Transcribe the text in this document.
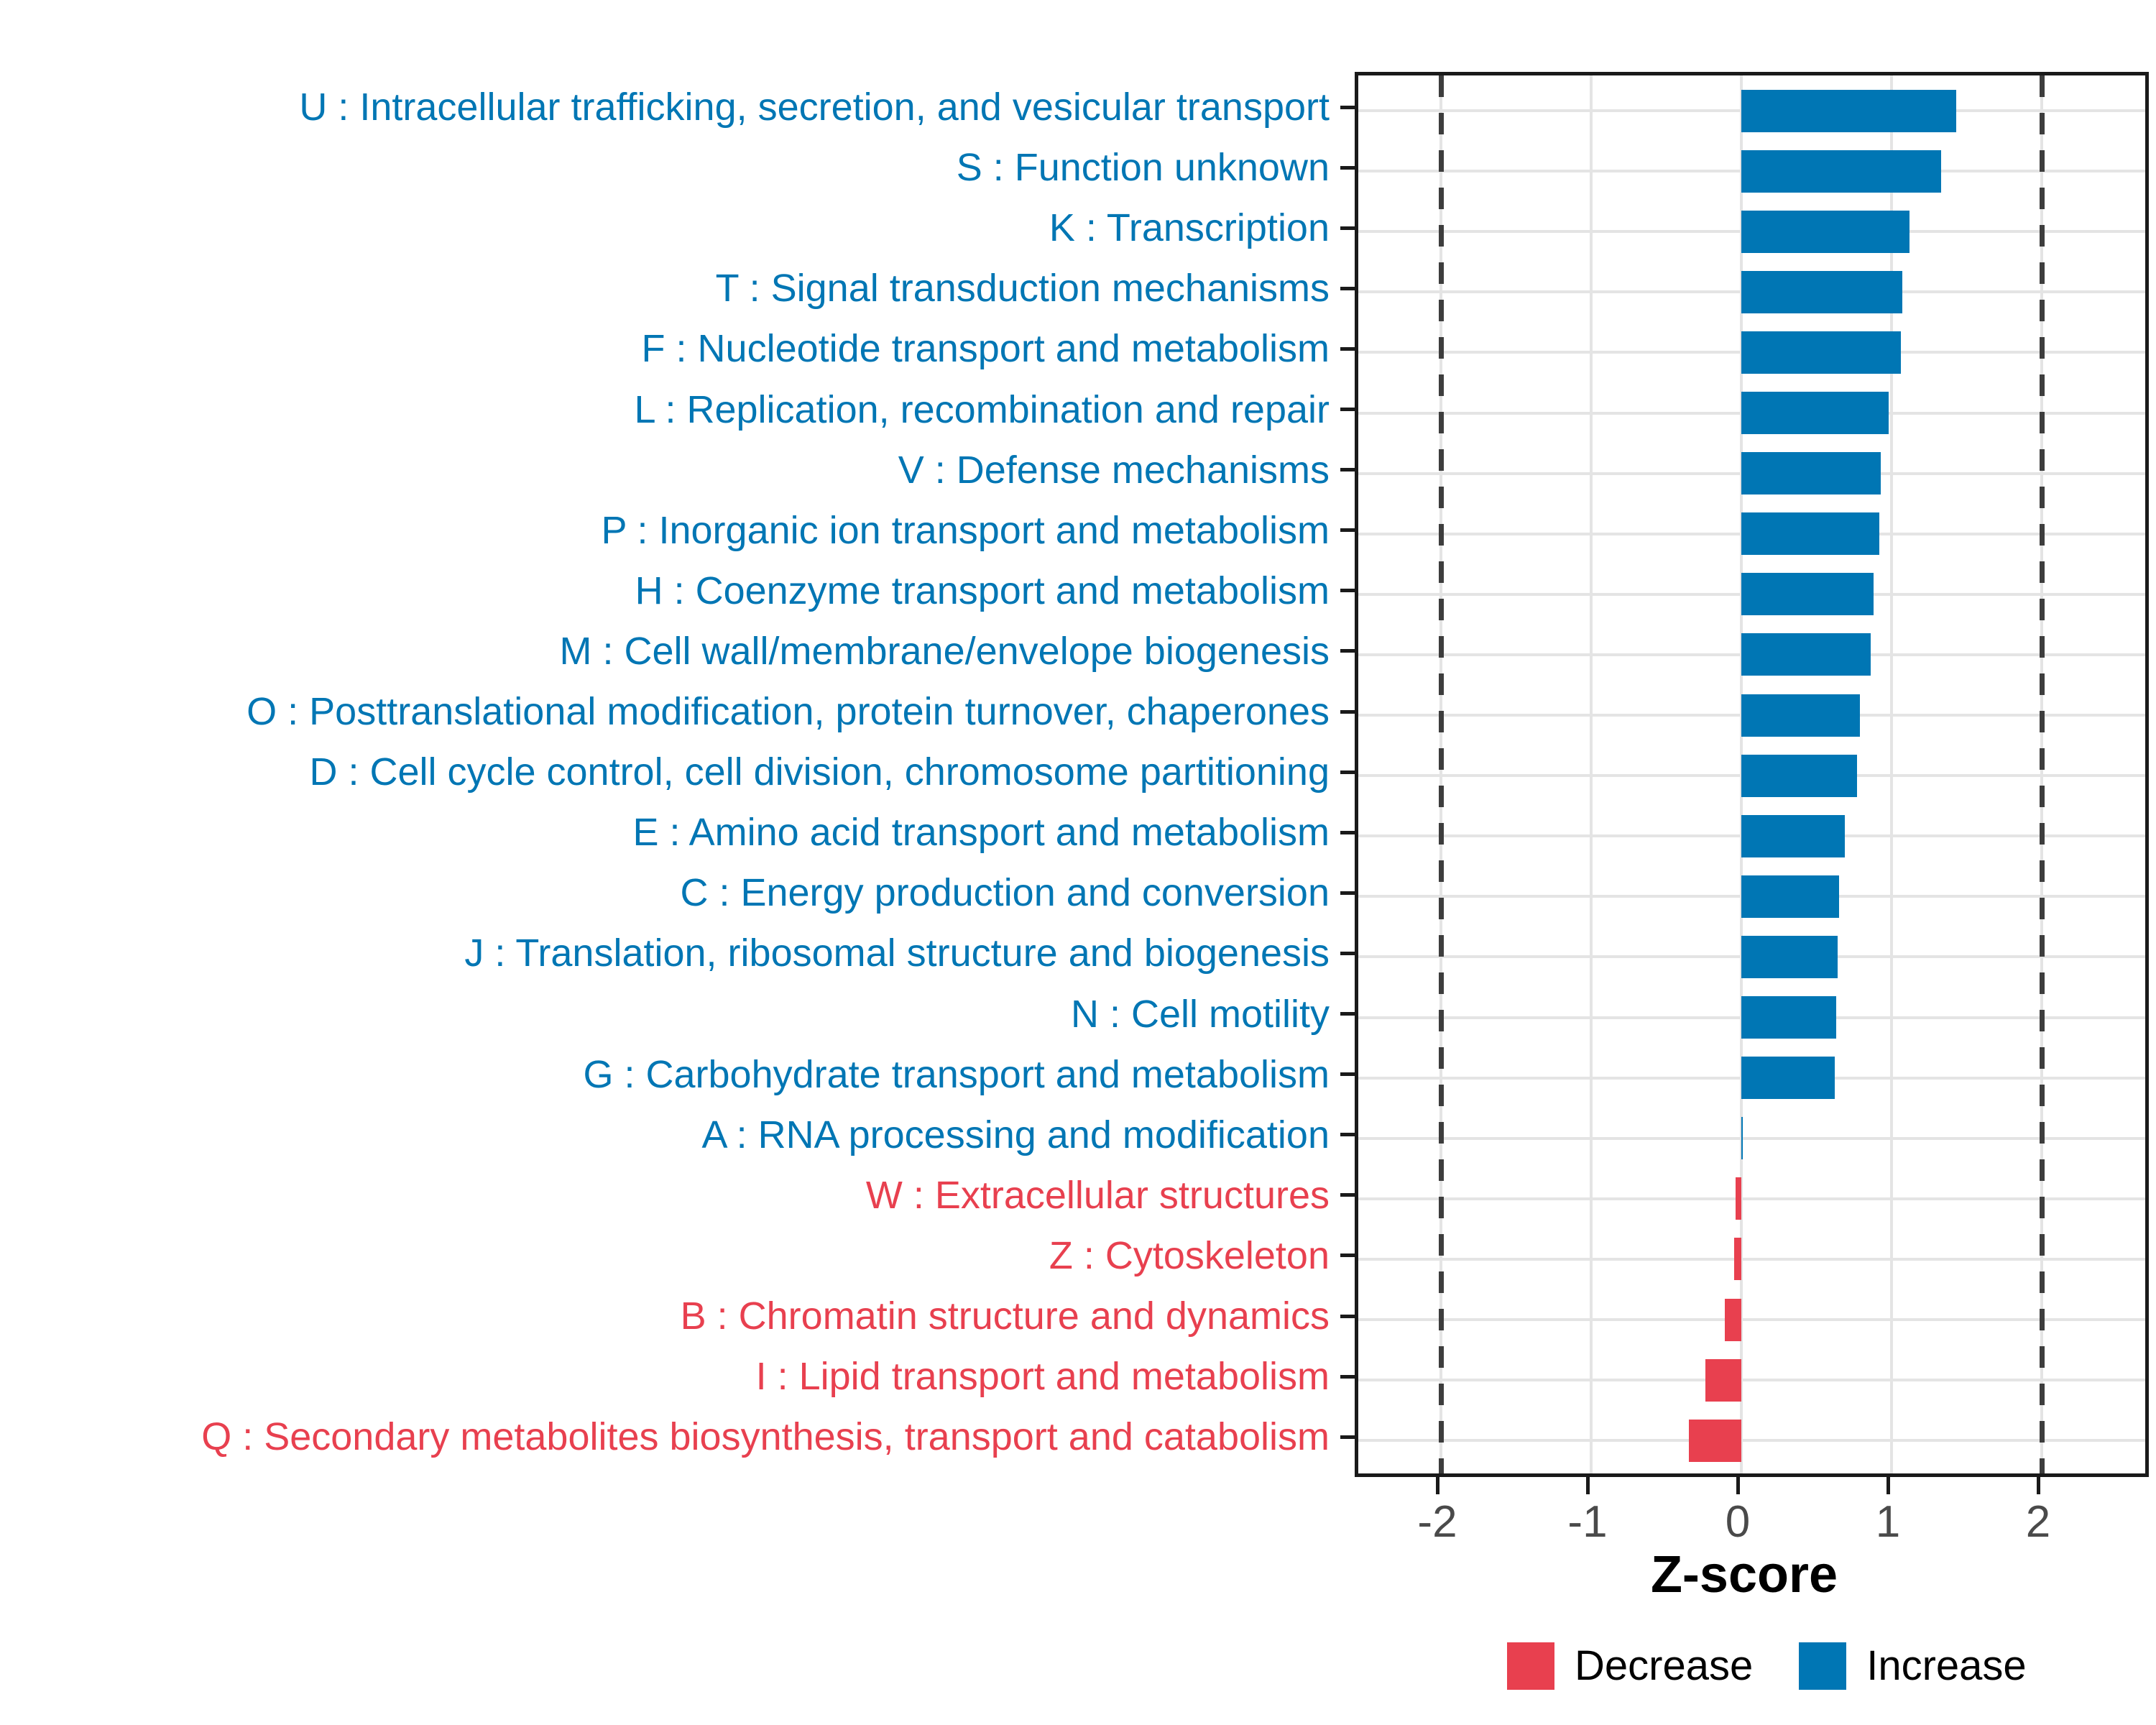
Z-score
Decrease	Increase
U : Intracellular trafficking, secretion, and vesicular transport
S : Function unknown
K : Transcription
T : Signal transduction mechanisms
F : Nucleotide transport and metabolism
L : Replication, recombination and repair
V : Defense mechanisms
P : Inorganic ion transport and metabolism
H : Coenzyme transport and metabolism
M : Cell wall/membrane/envelope biogenesis
O : Posttranslational modification, protein turnover, chaperones
D : Cell cycle control, cell division, chromosome partitioning
E : Amino acid transport and metabolism
C : Energy production and conversion
J : Translation, ribosomal structure and biogenesis
N : Cell motility
G : Carbohydrate transport and metabolism
A : RNA processing and modification
W : Extracellular structures
Z : Cytoskeleton
B : Chromatin structure and dynamics
I : Lipid transport and metabolism
Q : Secondary metabolites biosynthesis, transport and catabolism
-2	-1	0	1	2
